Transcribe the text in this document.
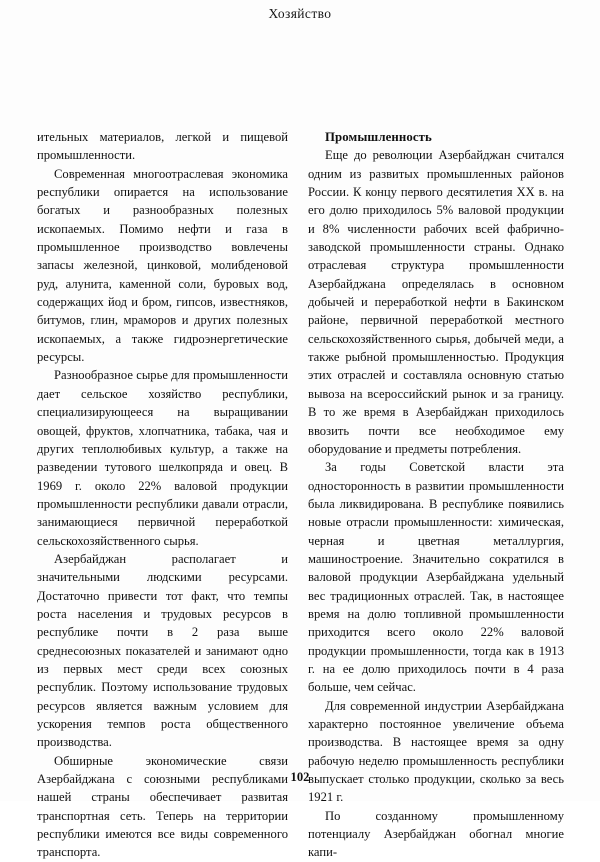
Хозяйство

ительных материалов, легкой и пищевой промышленности.

Современная многоотраслевая экономика республики опирается на использование богатых и разнообразных полезных ископаемых. Помимо нефти и газа в промышленное производство вовлечены запасы железной, цинковой, молибденовой руд, алунита, каменной соли, буровых вод, содержащих йод и бром, гипсов, известняков, битумов, глин, мраморов и других полезных ископаемых, а также гидроэнергетические ресурсы.

Разнообразное сырье для промышленности дает сельское хозяйство республики, специализирующееся на выращивании овощей, фруктов, хлопчатника, табака, чая и других теплолюбивых культур, а также на разведении тутового шелкопряда и овец. В 1969 г. около 22% валовой продукции промышленности республики давали отрасли, занимающиеся первичной переработкой сельскохозяйственного сырья.

Азербайджан располагает и значительными людскими ресурсами. Достаточно привести тот факт, что темпы роста населения и трудовых ресурсов в республике почти в 2 раза выше среднесоюзных показателей и занимают одно из первых мест среди всех союзных республик. Поэтому использование трудовых ресурсов является важным условием для ускорения темпов роста общественного производства.

Обширные экономические связи Азербайджана с союзными республиками нашей страны обеспечивает развитая транспортная сеть. Теперь на территории республики имеются все виды современного транспорта.

Промышленность

Еще до революции Азербайджан считался одним из развитых промышленных районов России. К концу первого десятилетия XX в. на его долю приходилось 5% валовой продукции и 8% численности рабочих всей фабрично-заводской промышленности страны. Однако отраслевая структура промышленности Азербайджана определялась в основном добычей и переработкой нефти в Бакинском районе, первичной переработкой местного сельскохозяйственного сырья, добычей меди, а также рыбной промышленностью. Продукция этих отраслей и составляла основную статью вывоза на всероссийский рынок и за границу. В то же время в Азербайджан приходилось ввозить почти все необходимое ему оборудование и предметы потребления.

За годы Советской власти эта односторонность в развитии промышленности была ликвидирована. В республике появились новые отрасли промышленности: химическая, черная и цветная металлургия, машиностроение. Значительно сократился в валовой продукции Азербайджана удельный вес традиционных отраслей. Так, в настоящее время на долю топливной промышленности приходится всего около 22% валовой продукции промышленности, тогда как в 1913 г. на ее долю приходилось почти в 4 раза больше, чем сейчас.

Для современной индустрии Азербайджана характерно постоянное увеличение объема производства. В настоящее время за одну рабочую неделю промышленность республики выпускает столько продукции, сколько за весь 1921 г.

По созданному промышленному потенциалу Азербайджан обогнал многие капи-

102
